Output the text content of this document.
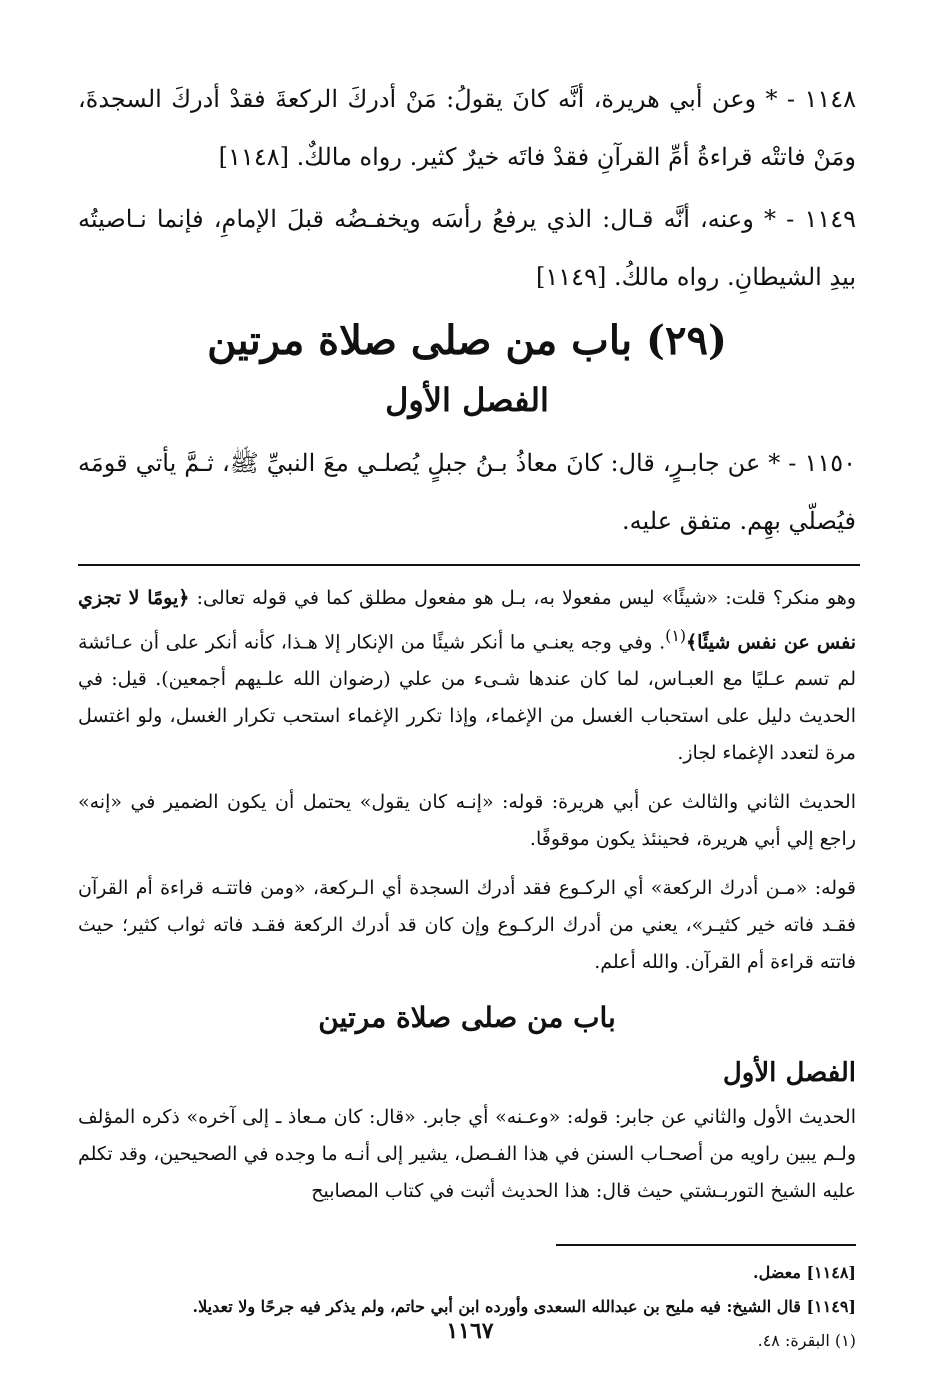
١١٤٨ - * وعن أبي هريرة، أنَّه كانَ يقولُ: مَنْ أدركَ الركعةَ فقدْ أدركَ السجدةَ، ومَنْ فاتتْه قراءةُ أمِّ القرآنِ فقدْ فاتَه خيرٌ كثير. رواه مالكٌ. [١١٤٨]

١١٤٩ - * وعنه، أنَّه قـال: الذي يرفعُ رأسَه ويخفـضُه قبلَ الإمامِ، فإنما نـاصيتُه بيدِ الشيطانِ. رواه مالكُ. [١١٤٩]

(٢٩) باب من صلى صلاة مرتين
الفصل الأول

١١٥٠ - * عن جابـرٍ، قال: كانَ معاذُ بـنُ جبلٍ يُصلـي معَ النبيِّ ﷺ، ثـمَّ يأتي قومَه فيُصلّي بهِم. متفق عليه.

وهو منكر؟ قلت: «شيئًا» ليس مفعولا به، بـل هو مفعول مطلق كما في قوله تعالى: ﴿يومًا لا تجزي نفس عن نفس شيئًا﴾$^{(١)}$. وفي وجه يعنـي ما أنكر شيئًا من الإنكار إلا هـذا، كأنه أنكر على أن عـائشة لم تسم عـليًا مع العبـاس، لما كان عندها شـىء من علي (رضوان الله علـيهم أجمعين). قيل: في الحديث دليل على استحباب الغسل من الإغماء، وإذا تكرر الإغماء استحب تكرار الغسل، ولو اغتسل مرة لتعدد الإغماء لجاز.

الحديث الثاني والثالث عن أبي هريرة: قوله: «إنـه كان يقول» يحتمل أن يكون الضمير في «إنه» راجع إلي أبي هريرة، فحينئذ يكون موقوفًا.

قوله: «مـن أدرك الركعة» أي الركـوع فقد أدرك السجدة أي الـركعة، «ومن فاتتـه قراءة أم القرآن فقـد فاته خير كثيـر»، يعني من أدرك الركـوع وإن كان قد أدرك الركعة فقـد فاته ثواب كثير؛ حيث فاتته قراءة أم القرآن. والله أعلم.

باب من صلى صلاة مرتين
الفصل الأول

الحديث الأول والثاني عن جابر: قوله: «وعـنه» أي جابر. «قال: كان مـعاذ ـ إلى آخره» ذكره المؤلف ولـم يبين راويه من أصحـاب السنن في هذا الفـصل، يشير إلى أنـه ما وجده في الصحيحين، وقد تكلم عليه الشيخ التوربـشتي حيث قال: هذا الحديث أثبت في كتاب المصابيح

[١١٤٨] معضل.

[١١٤٩] قال الشيخ: فيه مليح بن عبدالله السعدى وأورده ابن أبي حاتم، ولم يذكر فيه جرحًا ولا تعديلا.

(١) البقرة: ٤٨.

١١٦٧
